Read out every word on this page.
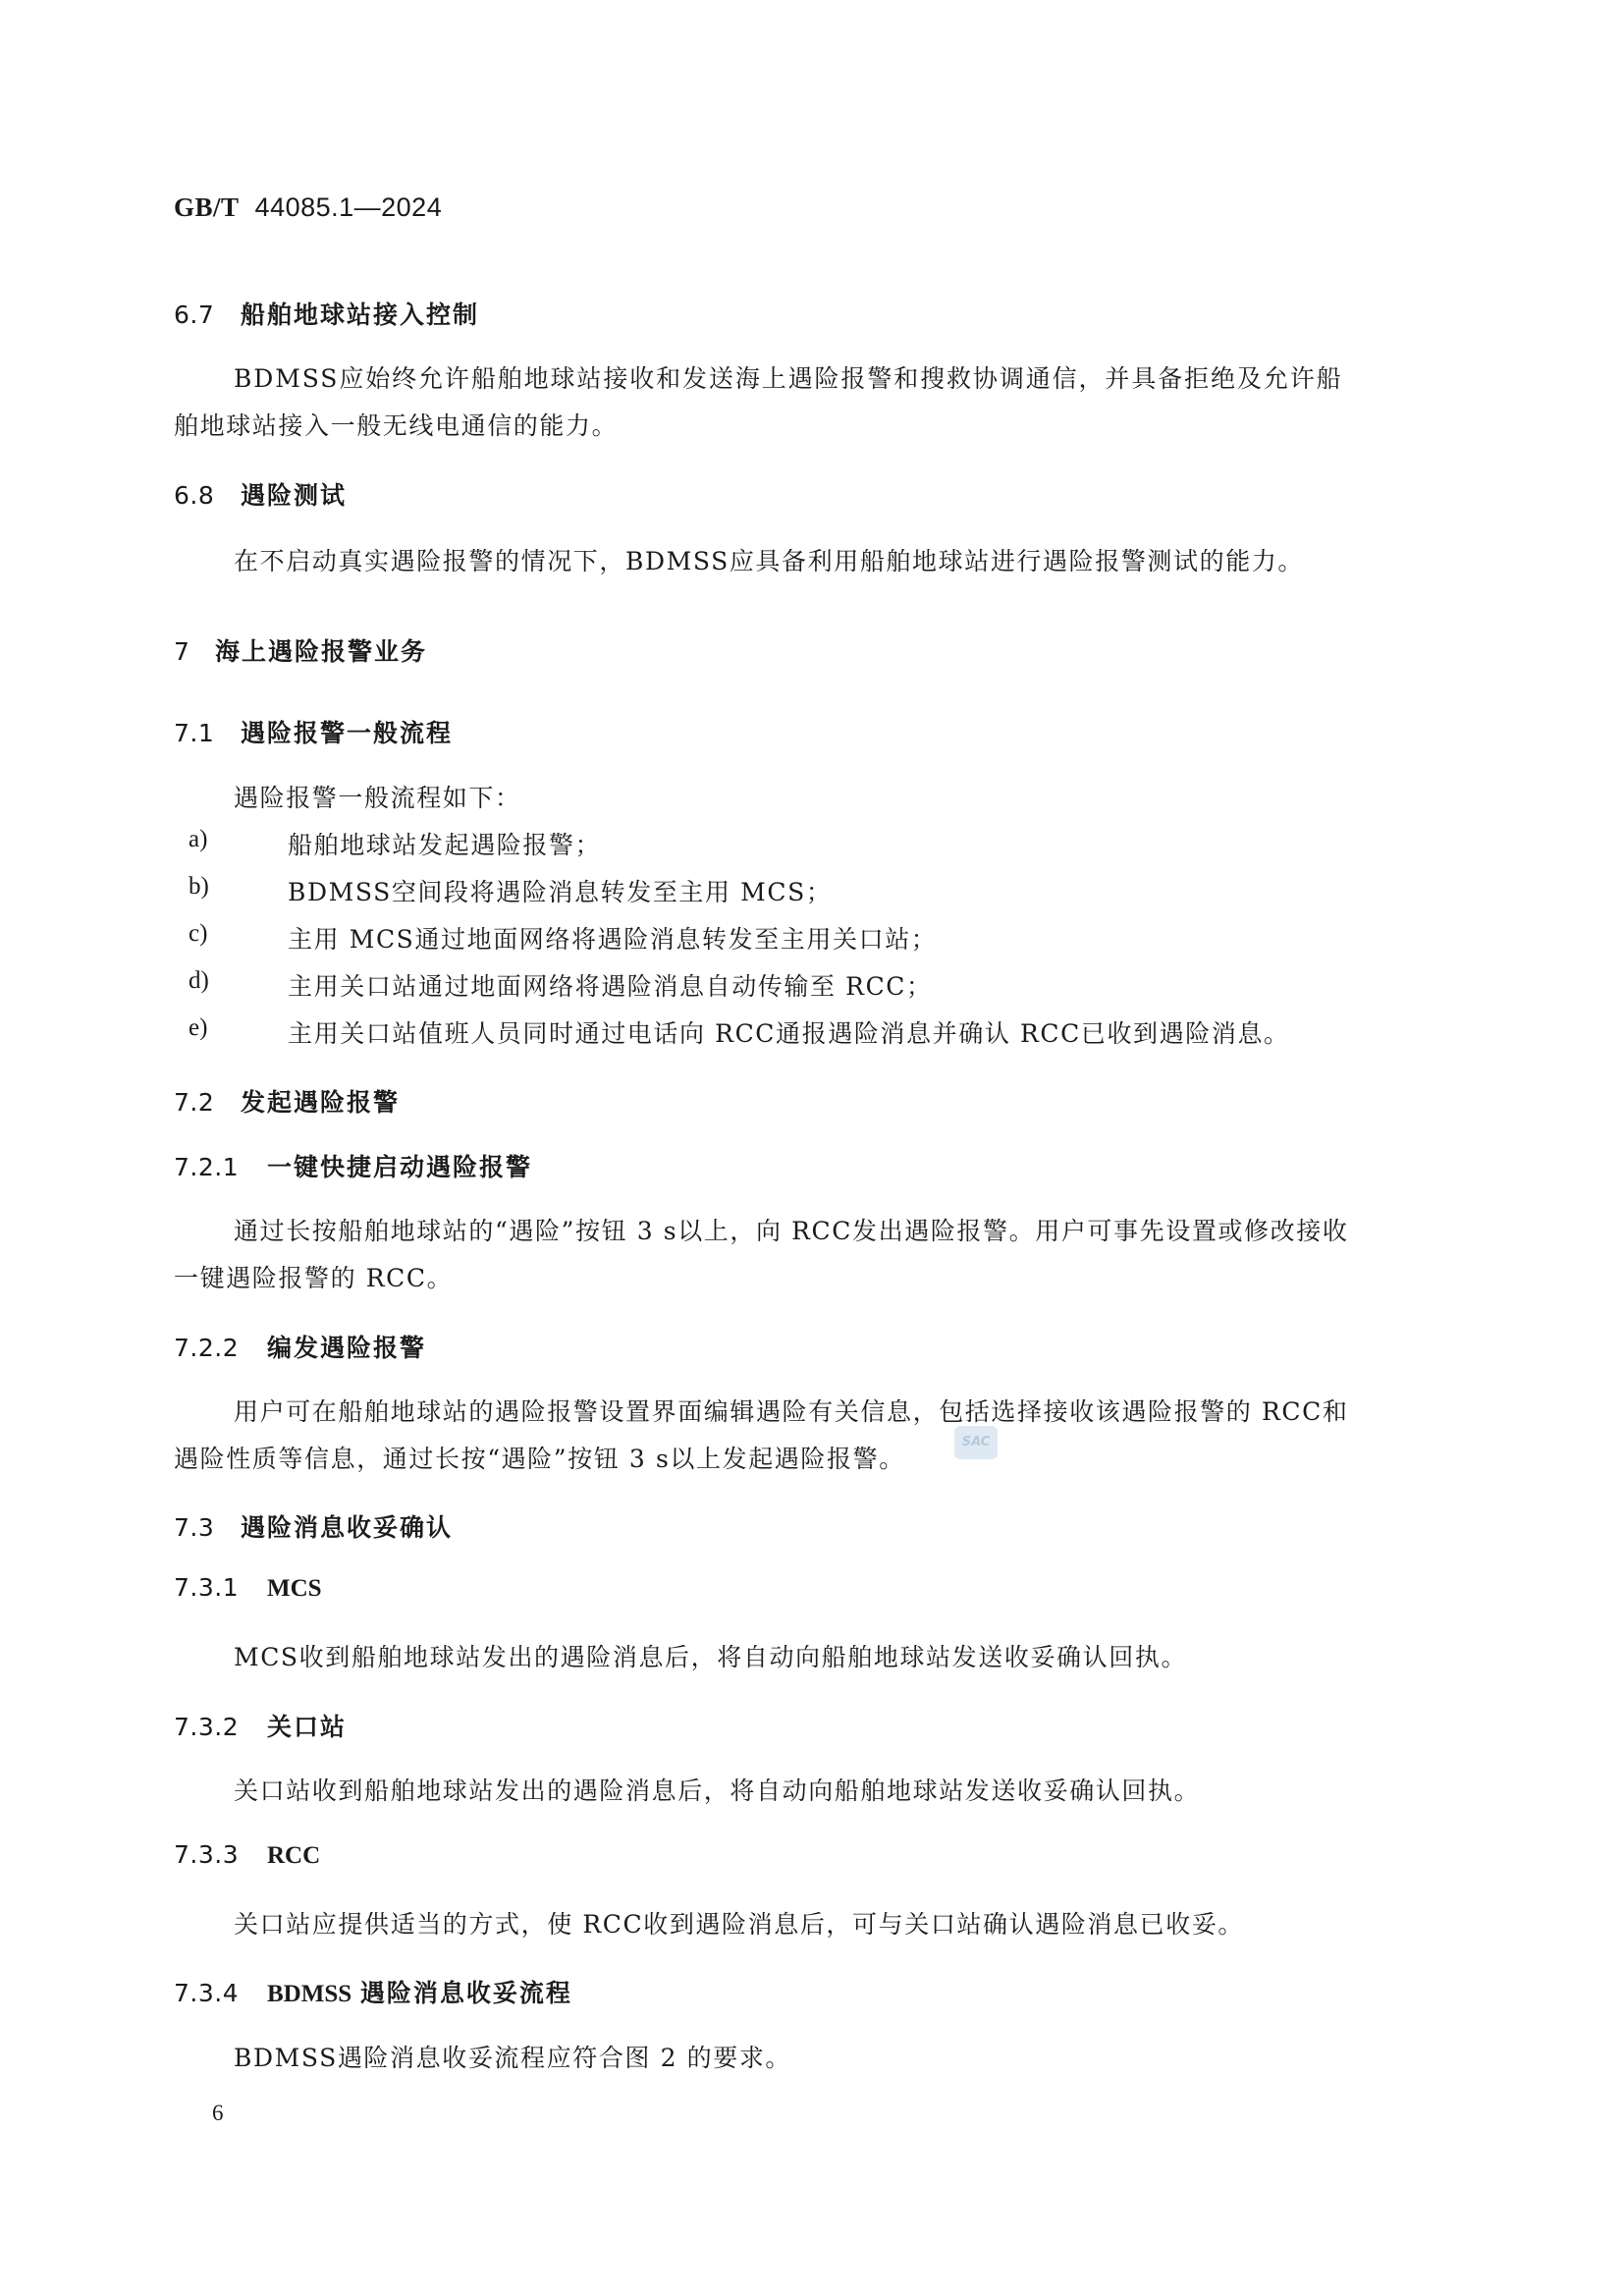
GB/T 44085.1—2024
6.7 船舶地球站接入控制
BDMSS应始终允许船舶地球站接收和发送海上遇险报警和搜救协调通信，并具备拒绝及允许船
舶地球站接入一般无线电通信的能力。
6.8 遇险测试
在不启动真实遇险报警的情况下，BDMSS应具备利用船舶地球站进行遇险报警测试的能力。
7 海上遇险报警业务
7.1 遇险报警一般流程
遇险报警一般流程如下：
a)	船舶地球站发起遇险报警；
b)	BDMSS空间段将遇险消息转发至主用 MCS；
c)	主用 MCS通过地面网络将遇险消息转发至主用关口站；
d)	主用关口站通过地面网络将遇险消息自动传输至 RCC；
e)	主用关口站值班人员同时通过电话向 RCC通报遇险消息并确认 RCC已收到遇险消息。
7.2 发起遇险报警
7.2.1 一键快捷启动遇险报警
通过长按船舶地球站的“遇险”按钮 3 s以上，向 RCC发出遇险报警。用户可事先设置或修改接收
一键遇险报警的 RCC。
7.2.2 编发遇险报警
用户可在船舶地球站的遇险报警设置界面编辑遇险有关信息，包括选择接收该遇险报警的 RCC和
遇险性质等信息，通过长按“遇险”按钮 3 s以上发起遇险报警。
SAC
7.3 遇险消息收妥确认
7.3.1 MCS
MCS收到船舶地球站发出的遇险消息后，将自动向船舶地球站发送收妥确认回执。
7.3.2 关口站
关口站收到船舶地球站发出的遇险消息后，将自动向船舶地球站发送收妥确认回执。
7.3.3 RCC
关口站应提供适当的方式，使 RCC收到遇险消息后，可与关口站确认遇险消息已收妥。
7.3.4 BDMSS 遇险消息收妥流程
BDMSS遇险消息收妥流程应符合图 2 的要求。
6
